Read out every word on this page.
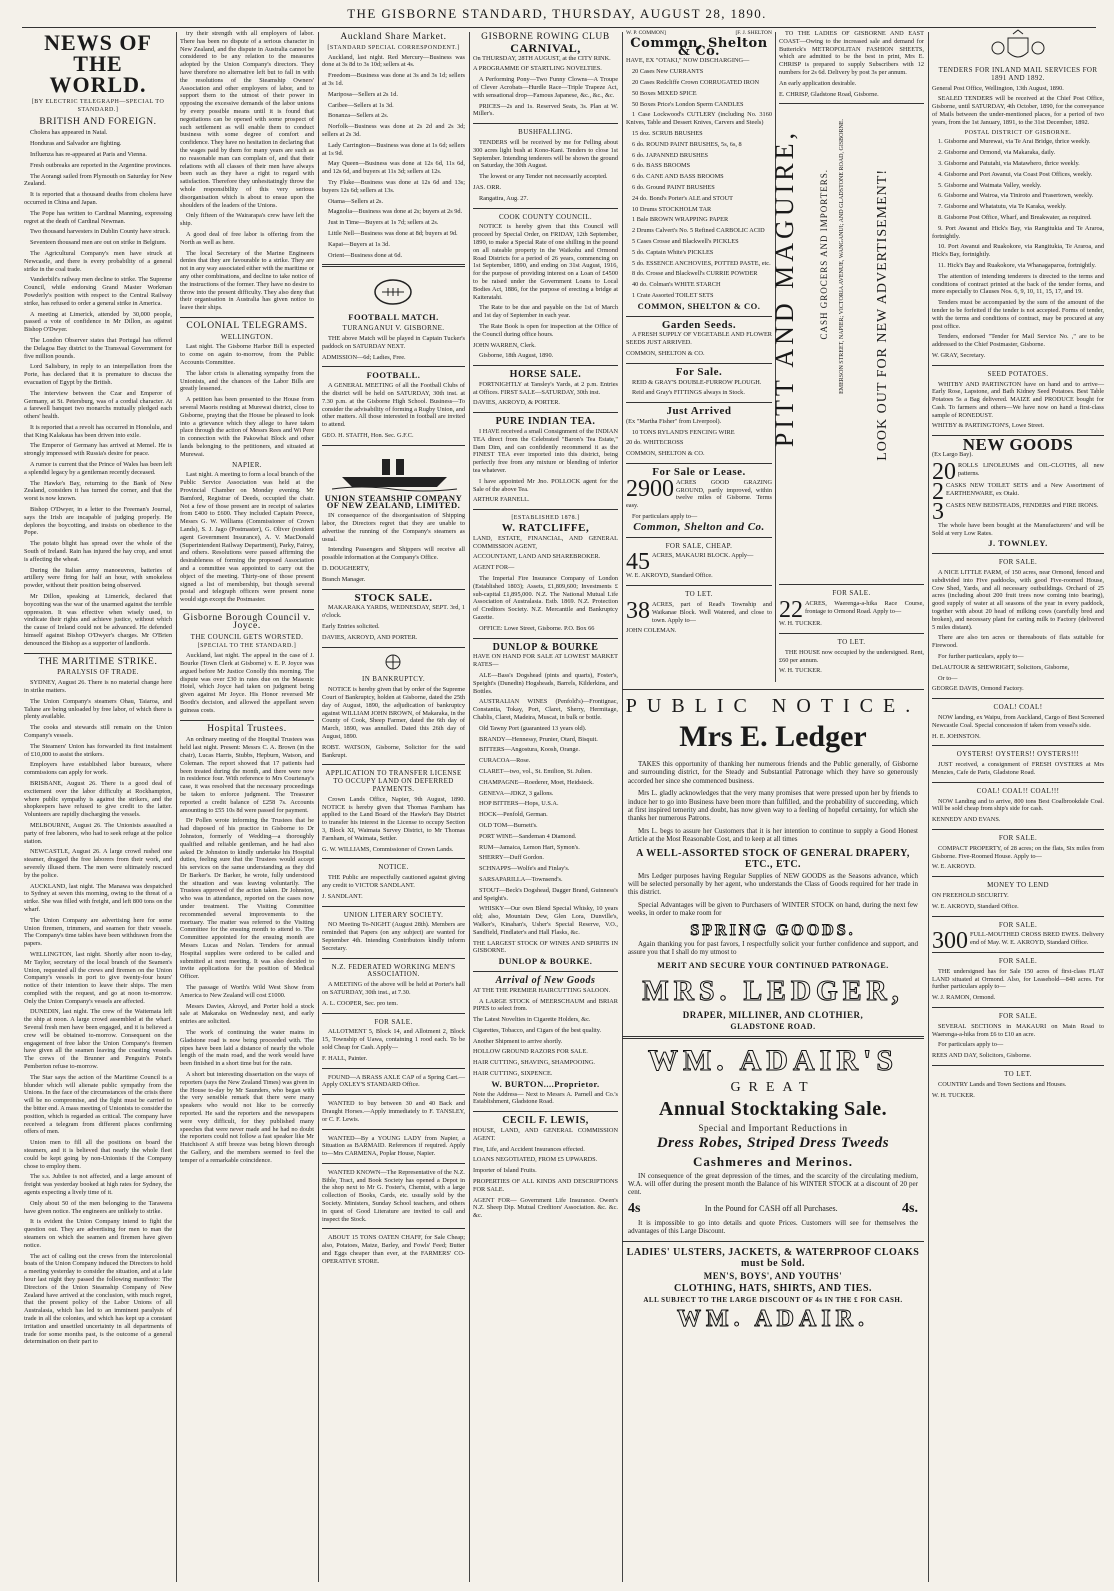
THE GISBORNE STANDARD, THURSDAY, AUGUST 28, 1890.
NEWS OF THE WORLD.
[BY ELECTRIC TELEGRAPH—SPECIAL TO STANDARD.]
BRITISH AND FOREIGN.

Cholera has appeared in Natal.

Honduras and Salvador are fighting.

Influenza has re-appeared at Paris and Vienna.

Fresh outbreaks are reported in the Argentine provinces.

The Aorangi sailed from Plymouth on Saturday for New Zealand.

It is reported that a thousand deaths from cholera have occurred in China and Japan.

The Pope has written to Cardinal Manning, expressing regret at the death of Cardinal Newman.

Two thousand harvesters in Dublin County have struck.

Seventeen thousand men are out on strike in Belgium.

The Agricultural Company's men have struck at Newcastle, and there is every probability of a general strike in the coal trade.

Vanderbilt's railway men decline to strike. The Supreme Council, while endorsing Grand Master Workman Powderly's position with respect to the Central Railway strike, has refused to order a general strike in America.

A meeting at Limerick, attended by 30,000 people, passed a vote of confidence in Mr Dillon, as against Bishop O'Dwyer.

The London Observer states that Portugal has offered the Delagoa Bay district to the Transvaal Government for five million pounds.

Lord Salisbury, in reply to an interpellation from the Porte, has declared that it is premature to discuss the evacuation of Egypt by the British.

The interview between the Czar and Emperor of Germany, at St. Petersburg, was of a cordial character. At a farewell banquet two monarchs mutually pledged each others' health.

It is reported that a revolt has occurred in Honolulu, and that King Kalakaua has been driven into exile.

The Emperor of Germany has arrived at Memel. He is strongly impressed with Russia's desire for peace.

A rumor is current that the Prince of Wales has been left a splendid legacy by a gentleman recently deceased.

The Hawke's Bay, returning to the Bank of New Zealand, considers it has turned the corner, and that the worst is now known.

Bishop O'Dwyer, in a letter to the Freeman's Journal, says the Irish are incapable of judging properly. He deplores the boycotting, and insists on obedience to the Pope.

The potato blight has spread over the whole of the South of Ireland. Rain has injured the hay crop, and smut is affecting the wheat.

During the Italian army manoeuvres, batteries of artillery were firing for half an hour, with smokeless powder, without their position being observed.

Mr Dillon, speaking at Limerick, declared that boycotting was the war of the unarmed against the terrible oppression. It was effective when wisely used, to vindicate their rights and achieve justice, without which the cause of Ireland could not be advanced. He defended himself against Bishop O'Dwyer's charges. Mr O'Brien denounced the Bishop as a supporter of landlords.

THE MARITIME STRIKE.
PARALYSIS OF TRADE.

SYDNEY, August 26. There is no material change here in strike matters.

The Union Company's steamers Ohau, Taiaroa, and Talune are being unloaded by free labor, of which there is plenty available.

The cooks and stewards still remain on the Union Company's vessels.

The Steamers' Union has forwarded its first instalment of £10,000 to assist the strikers.

Employers have established labor bureaux, where commissions can apply for work.

BRISBANE, August 26. There is a good deal of excitement over the labor difficulty at Rockhampton, where public sympathy is against the strikers, and the shopkeepers have refused to give credit to the latter. Volunteers are rapidly discharging the vessels.

MELBOURNE, August 26. The Unionists assaulted a party of free laborers, who had to seek refuge at the police station.

NEWCASTLE, August 26. A large crowd rushed one steamer, dragged the free laborers from their work, and severely illused them. The men were ultimately rescued by the police.

AUCKLAND, last night. The Manawa was despatched to Sydney at seven this morning, owing to the threat of a strike. She was filled with freight, and left 800 tons on the wharf.

The Union Company are advertising here for some Union firemen, trimmers, and seamen for their vessels. The Company's time tables have been withdrawn from the papers.

WELLINGTON, last night. Shortly after noon to-day, Mr Taylor, secretary of the local branch of the Seamen's Union, requested all the crews and firemen on the Union Company's vessels in port to give twenty-four hours' notice of their intention to leave their ships. The men complied with the request, and go at noon to-morrow. Only the Union Company's vessels are affected.

DUNEDIN, last night. The crew of the Waitemata left the ship at noon. A large crowd assembled at the wharf. Several fresh men have been engaged, and it is believed a crew will be obtained to-morrow. Consequent on the engagement of free labor the Union Company's firemen have given all the seamen leaving the coasting vessels. The crews of the Brunner and Penguin's Point's Pemberton refuse to-morrow.

The Star says the action of the Maritime Council is a blunder which will alienate public sympathy from the Unions. In the face of the circumstances of the crisis there will be no compromise, and the fight must be carried to the bitter end. A mass meeting of Unionists to consider the position, which is regarded as critical. The company have received a telegram from different places confirming offers of men.

Union men to fill all the positions on board the steamers, and it is believed that nearly the whole fleet could be kept going by non-Unionists if the Company chose to employ them.

The s.s. Jubilee is not affected, and a large amount of freight was yesterday booked at high rates for Sydney, the agents expecting a lively time of it.

Only about 50 of the men belonging to the Tarawera have given notice. The engineers are unlikely to strike.

It is evident the Union Company intend to fight the question out. They are advertising for men to man the steamers on which the seamen and firemen have given notice.

The act of calling out the crews from the intercolonial boats of the Union Company induced the Directors to hold a meeting yesterday to consider the situation, and at a late hour last night they passed the following manifesto: The Directors of the Union Steamship Company of New Zealand have arrived at the conclusion, with much regret, that the present policy of the Labor Unions of all Australasia, which has led to an imminent paralysis of trade in all the colonies, and which has kept up a constant irritation and unsettled uncertainty in all departments of trade for some months past, is the outcome of a general determination on their part to

try their strength with all employers of labor. There has been no dispute of a serious character in New Zealand, and the dispute in Australia cannot be considered to be any relation to the measures adopted by the Union Company's directors. They have therefore no alternative left but to fall in with the resolutions of the Steamship Owners' Association and other employers of labor, and to support them to the utmost of their power in opposing the excessive demands of the labor unions by every possible means until it is found that negotiations can be opened with some prospect of such settlement as will enable them to conduct business with some degree of comfort and confidence. They have no hesitation in declaring that the wages paid by them for many years are such as no reasonable man can complain of, and that their relations with all classes of their men have always been such as they have a right to regard with satisfaction. Therefore they unhesitatingly throw the whole responsibility of this very serious disorganisation which is about to ensue upon the shoulders of the leaders of the Unions.

Only fifteen of the Wairarapa's crew have left the ship.

A good deal of free labor is offering from the North as well as here.

The local Secretary of the Marine Engineers denies that they are favourable to a strike. They are not in any way associated either with the maritime or any other combinations, and decline to take notice of the instructions of the former. They have no desire to throw into the present difficulty. They also deny that their organisation in Australia has given notice to leave their ships.

COLONIAL TELEGRAMS.
WELLINGTON.

Last night. The Gisborne Harbor Bill is expected to come on again to-morrow, from the Public Accounts Committee.

The labor crisis is alienating sympathy from the Unionists, and the chances of the Labor Bills are greatly lessened.

A petition has been presented to the House from several Maoris residing at Murewai district, close to Gisborne, praying that the House be pleased to look into a grievance which they allege to have taken place through the action of Messrs Rees and Wi Pere in connection with the Pakowhai Block and other lands belonging to the petitioners, and situated at Murewai.

NAPIER.

Last night. A meeting to form a local branch of the Public Service Association was held at the Provincial Chamber on Monday evening. Mr Bamford, Registrar of Deeds, occupied the chair. Not a few of those present are in receipt of salaries from £400 to £600. They included Captain Preece, Messrs G. W. Williams (Commissioner of Crown Lands), S. J. Jago (Postmaster), G. Oliver (resident agent Government Insurance), A. V. MacDonald (Superintendent Railway Department), Parky, Fairey, and others. Resolutions were passed affirming the desirableness of forming the proposed Association and a committee was appointed to carry out the object of the meeting. Thirty-one of those present signed a list of membership, but though several postal and telegraph officers were present none would sign except the Postmaster.

Gisborne Borough Council v. Joyce.
THE COUNCIL GETS WORSTED.
[SPECIAL TO THE STANDARD.]

Auckland, last night. The appeal in the case of J. Bourke (Town Clerk at Gisborne) v. E. P. Joyce was argued before Mr Justice Conolly this morning. The dispute was over £30 in rates due on the Masonic Hotel, which Joyce had taken on judgment being given against Mr Joyce. His Honor reversed Mr Booth's decision, and allowed the appellant seven guineas costs.

Hospital Trustees.

An ordinary meeting of the Hospital Trustees was held last night. Present: Messrs C. A. Brown (in the chair), Lucas Harris, Stubbs, Hepburn, Watson, and Coleman. The report showed that 17 patients had been treated during the month, and there were now in residence four. With reference to Mrs Courtenay's case, it was resolved that the necessary proceedings be taken to enforce judgment. The Treasurer reported a credit balance of £258 7s. Accounts amounting to £55 10s 8d were passed for payment.

Dr Pollen wrote informing the Trustees that he had disposed of his practice in Gisborne to Dr Johnston, formerly of Wedding—a thoroughly qualified and reliable gentleman, and he had also asked Dr Johnston to kindly undertake his Hospital duties, feeling sure that the Trustees would accept his services on the same understanding as they did Dr Barker's. Dr Barker, he wrote, fully understood the situation and was leaving voluntarily. The Trustees approved of the action taken. Dr Johnston, who was in attendance, reported on the cases now under treatment. The Visiting Committee recommended several improvements to the mortuary. The matter was referred to the Visiting Committee for the ensuing month to attend to. The Committee appointed for the ensuing month are Messrs Lucas and Nolan. Tenders for annual Hospital supplies were ordered to be called and submitted at next meeting. It was also decided to invite applications for the position of Medical Officer.

The passage of Worth's Wild West Show from America to New Zealand will cost £1000.

Messrs Davies, Akroyd, and Porter hold a stock sale at Makaraka on Wednesday next, and early entries are solicited.

The work of continuing the water mains in Gladstone road is now being proceeded with. The pipes have been laid a distance of nearly the whole length of the main road, and the work would have been finished in a short time but for the rain.

A short but interesting dissertation on the ways of reporters (says the New Zealand Times) was given in the House to-day by Mr Saunders, who began with the very sensible remark that there were many speakers who would not like to be correctly reported. He said the reporters and the newspapers were very difficult, for they published many speeches that were never made and he had no doubt the reporters could not follow a fast speaker like Mr Hutchison! A stiff breeze was being blown through the Gallery, and the members seemed to feel the temper of a remarkable coincidence.

Auckland Share Market.
[STANDARD SPECIAL CORRESPONDENT.]

Auckland, last night. Red Mercury—Business was done at 3s 8d to 3s 10d; sellers at 4s.

Freedom—Business was done at 3s and 3s 1d; sellers at 3s 1d.

Mariposa—Sellers at 2s 1d.

Caribee—Sellers at 1s 3d.

Bonanza—Sellers at 2s.

Norfolk—Business was done at 2s 2d and 2s 3d; sellers at 2s 3d.

Lady Carrington—Business was done at 1s 6d; sellers at 1s 9d.

May Queen—Business was done at 12s 6d, 11s 6d, and 12s 6d, and buyers at 11s 3d; sellers at 12s.

Try Fluke—Business was done at 12s 6d and 13s; buyers 12s 6d; sellers at 13s.

Otama—Sellers at 2s.

Magnolia—Business was done at 2s; buyers at 2s 9d.

Just in Time—Buyers at 1s 7d; sellers at 2s.

Little Nell—Business was done at 8d; buyers at 9d.

Kapai—Buyers at 1s 3d.

Orient—Business done at 6d.

FOOTBALL MATCH.
TURANGANUI V. GISBORNE.

THE above Match will be played in Captain Tucker's paddock on SATURDAY NEXT.

ADMISSION—6d; Ladies, Free.

FOOTBALL.

A GENERAL MEETING of all the Football Clubs of the district will be held on SATURDAY, 30th inst. at 7.30 p.m. at the Gisborne High School. Business—To consider the advisability of forming a Rugby Union, and other matters. All those interested in football are invited to attend.

GEO. H. STAITH, Hon. Sec. G.F.C.

UNION STEAMSHIP COMPANY OF NEW ZEALAND, LIMITED.

IN consequence of the disorganisation of Shipping labor, the Directors regret that they are unable to advertise the running of the Company's steamers as usual.

Intending Passengers and Shippers will receive all possible information at the Company's Office.

D. DOUGHERTY,

Branch Manager.

STOCK SALE.

MAKARAKA YARDS, WEDNESDAY, SEPT. 3rd, 1 o'clock.

Early Entries solicited.

DAVIES, AKROYD, AND PORTER.

IN BANKRUPTCY.

NOTICE is hereby given that by order of the Supreme Court of Bankruptcy, holden at Gisborne, dated the 25th day of August, 1890, the adjudication of bankruptcy against WILLIAM JOHN BROWN, of Makaraka, in the County of Cook, Sheep Farmer, dated the 6th day of March, 1890, was annulled. Dated this 26th day of August, 1890.

ROBT. WATSON, Gisborne, Solicitor for the said Bankrupt.

APPLICATION TO TRANSFER LICENSE TO OCCUPY LAND ON DEFERRED PAYMENTS.

Crown Lands Office, Napier, 9th August, 1890. NOTICE is hereby given that Thomas Farnham has applied to the Land Board of the Hawke's Bay District to transfer his interest in the License to occupy Section 3, Block XI, Waimata Survey District, to Mr Thomas Farnham, of Waimata, Settler.

G. W. WILLIAMS, Commissioner of Crown Lands.

NOTICE.

THE Public are respectfully cautioned against giving any credit to VICTOR SANDLANT.

J. SANDLANT.

UNION LITERARY SOCIETY.

NO Meeting To-NIGHT (August 28th). Members are reminded that Papers (on any subject) are wanted for September 4th. Intending Contributors kindly inform Secretary.

N.Z. FEDERATED WORKING MEN'S ASSOCIATION.

A MEETING of the above will be held at Porter's hall on SATURDAY, 30th inst., at 7.30.

A. L. COOPER, Sec. pro tem.

FOR SALE.

ALLOTMENT 5, Block 14, and Allotment 2, Block 15, Township of Uawa, containing 1 rood each. To be sold Cheap for Cash. Apply—

F. HALL, Painter.

FOUND—A BRASS AXLE CAP of a Spring Cart.—Apply OXLEY'S STANDARD Office.

WANTED to buy between 30 and 40 Back and Draught Horses.—Apply immediately to F. TANSLEY, or C. F. Lewis.

WANTED—By a YOUNG LADY from Napier, a Situation as BARMAID. References if required. Apply to—Mrs CARMENA, Poplar House, Napier.

WANTED KNOWN—The Representative of the N.Z. Bible, Tract, and Book Society has opened a Depot in the shop next to Mr G. Foster's, Chemist, with a large collection of Books, Cards, etc. usually sold by the Society. Ministers, Sunday School teachers, and others in quest of Good Literature are invited to call and inspect the Stock.

ABOUT 15 TONS OATEN CHAFF, for Sale Cheap; also, Potatoes, Maize, Barley, and Fowls' Feed; Butter and Eggs cheaper than ever, at the FARMERS' CO-OPERATIVE STORE.

GISBORNE ROWING CLUB
CARNIVAL,

On THURSDAY, 28TH AUGUST, at the CITY RINK.

A PROGRAMME OF STARTLING NOVELTIES.

A Performing Pony—Two Funny Clowns—A Troupe of Clever Acrobats—Hurdle Race—Triple Trapeze Act, with sensational drop—Famous Japanese, &c., &c., &c.

PRICES—2s and 1s. Reserved Seats, 3s. Plan at W. Miller's.

BUSHFALLING.

TENDERS will be received by me for Felling about 300 acres light bush at Kono-Kani. Tenders to close 1st September. Intending tenderers will be shown the ground on Saturday, the 30th August.

The lowest or any Tender not necessarily accepted.

JAS. ORR.

Rangatira, Aug. 27.

COOK COUNTY COUNCIL.

NOTICE is hereby given that this Council will proceed by Special Order, on FRIDAY, 12th September, 1890, to make a Special Rate of one shilling in the pound on all rateable property in the Waikohu and Ormond Road Districts for a period of 26 years, commencing on 1st September, 1890, and ending on 31st August, 1916, for the purpose of providing interest on a Loan of £4500 to be raised under the Government Loans to Local Bodies Act, 1886, for the purpose of erecting a bridge at Kaiteratahi.

The Rate to be due and payable on the 1st of March and 1st day of September in each year.

The Rate Book is open for inspection at the Office of the Council during office hours.

JOHN WARREN, Clerk.

Gisborne, 18th August, 1890.

HORSE SALE.

FORTNIGHTLY at Tansley's Yards, at 2 p.m. Entries at Offices. FIRST SALE—SATURDAY, 30th inst.

DAVIES, AKROYD, & PORTER.

PURE INDIAN TEA.

I HAVE received a small Consignment of the INDIAN TEA direct from the Celebrated "Baron's Tea Estate," Dam Dim, and can confidently recommend it as the FINEST TEA ever imported into this district, being perfectly free from any mixture or blending of inferior tea whatever.

I have appointed Mr Jno. POLLOCK agent for the Sale of the above Tea.

ARTHUR FARNELL.

[ESTABLISHED 1878.]
W. RATCLIFFE,

LAND, ESTATE, FINANCIAL, AND GENERAL COMMISSION AGENT,

ACCOUNTANT, LAND AND SHAREBROKER.

AGENT FOR—

The Imperial Fire Insurance Company of London (Established 1803); Assets, £1,809,600; Investments £ sub-capital £1,895,000. N.Z. The National Mutual Life Association of Australasia. Estb. 1869. N.Z. Protection of Creditors Society. N.Z. Mercantile and Bankruptcy Gazette.

OFFICE: Lowe Street, Gisborne. P.O. Box 66

DUNLOP & BOURKE

HAVE ON HAND FOR SALE AT LOWEST MARKET RATES—

ALE—Bass's Dogshead (pints and quarts), Foster's, Speight's (Dunedin) Hogsheads, Barrels, Kilderkins, and Bottles.

AUSTRALIAN WINES (Penfold's)—Frontignac, Constantia, Tokay, Port, Claret, Sherry, Hermitage, Chablis, Claret, Madeira, Muscat, in bulk or bottle.

Old Tawny Port (guaranteed 13 years old).

BRANDY—Hennessy, Prunier, Otard, Bisquit.

BITTERS—Angostura, Koosh, Orange.

CURACOA—Rose.

CLARET—two, vol., St. Emilion, St. Julien.

CHAMPAGNE—Roederer, Moet, Heidsieck.

GENEVA—JDKZ, 3 gallons.

HOP BITTERS—Hops, U.S.A.

HOCK—Penfold, German.

OLD TOM—Burnett's.

PORT WINE—Sandeman 4 Diamond.

RUM—Jamaica, Lemon Hart, Symon's.

SHERRY—Duff Gordon.

SCHNAPPS—Wolfe's and Finlay's.

SARSAPARILLA—Townsend's.

STOUT—Beck's Dogshead, Dagger Brand, Guinness's and Speight's.

WHISKY—Our own Blend Special Whisky, 10 years old; also, Mountain Dew, Glen Lora, Dunville's, Walker's, Kinahan's, Usher's Special Reserve, V.O., Sandfield, Findlater's and Hall Flasks, &c.

THE LARGEST STOCK OF WINES AND SPIRITS IN GISBORNE.

DUNLOP & BOURKE.
Arrival of New Goods

AT THE THE PREMIER HAIRCUTTING SALOON.

A LARGE STOCK of MEERSCHAUM and BRIAR PIPES to select from.

The Latest Novelties in Cigarette Holders, &c.

Cigarettes, Tobacco, and Cigars of the best quality.

Another Shipment to arrive shortly.

HOLLOW GROUND RAZORS FOR SALE.

HAIR CUTTING, SHAVING, SHAMPOOING.

HAIR CUTTING, SIXPENCE.

W. BURTON....Proprietor.

Note the Address— Next to Messrs A. Parnell and Co.'s Establishment, Gladstone Road.

CECIL F. LEWIS,

HOUSE, LAND, AND GENERAL COMMISSION AGENT.

Fire, Life, and Accident Insurances effected.

LOANS NEGOTIATED, FROM £5 UPWARDS.

Importer of Island Fruits.

PROPERTIES OF ALL KINDS AND DESCRIPTIONS FOR SALE.

AGENT FOR— Government Life Insurance. Owen's N.Z. Sheep Dip. Mutual Creditors' Association. &c. &c. &c.

W. P. COMMON]	[F. J. SHELTON
Common, Shelton & Co.

HAVE, EX "OTAKI," NOW DISCHARGING—

20 Cases New CURRANTS

20 Cases Redcliffe Crown CORRUGATED IRON

50 Boxes MIXED SPICE

50 Boxes Price's London Sperm CANDLES

1 Case Lockwood's CUTLERY (including No. 3160 Knives, Table and Dessert Knives, Carvers and Steels)

15 doz. SCRUB BRUSHES

6 do. ROUND PAINT BRUSHES, 5s, 6s, 8

6 do. JAPANNED BRUSHES

6 do. BASS BROOMS

6 do. CANE AND BASS BROOMS

6 do. Ground PAINT BRUSHES

24 do. Bond's Porter's ALE and STOUT

10 Drums STOCKHOLM TAR

1 Bale BROWN WRAPPING PAPER

2 Drums Calvert's No. 5 Refined CARBOLIC ACID

5 Cases Crosse and Blackwell's PICKLES

5 do. Captain White's PICKLES

5 do. ESSENCE ANCHOVIES, POTTED PASTE, etc.

8 do. Crosse and Blackwell's CURRIE POWDER

40 do. Colman's WHITE STARCH

1 Crate Assorted TOILET SETS

COMMON, SHELTON & CO.
Garden Seeds.

A FRESH SUPPLY OF VEGETABLE AND FLOWER SEEDS JUST ARRIVED.

COMMON, SHELTON & CO.

For Sale.

REID & GRAY'S DOUBLE-FURROW PLOUGH.

Reid and Gray's FITTINGS always in Stock.

Just Arrived

(Ex "Martha Fisher" from Liverpool).

10 TONS RYLAND'S FENCING WIRE

20 do. WHITECROSS

COMMON, SHELTON & CO.

For Sale or Lease.
2900 ACRES GOOD GRAZING GROUND, partly improved, within twelve miles of Gisborne. Terms easy.

For particulars apply to—

Common, Shelton and Co.
FOR SALE, CHEAP.
45 ACRES, MAKAURI BLOCK. Apply—

W. E. AKROYD, Standard Office.

TO LET.
38 ACRES, part of Read's Township and Waikanae Block. Well Watered, and close to town. Apply to—

JOHN COLEMAN.

TO THE LADIES OF GISBORNE AND EAST COAST—Owing to the increased sale and demand for Butterick's METROPOLITAN FASHION SHEETS, which are admitted to be the best in print, Mrs E. CHRISP is prepared to supply Subscribers with 12 numbers for 2s 6d. Delivery by post 3s per annum.

An early application desirable.

E. CHRISP, Gladstone Road, Gisborne.

PITT AND MAGUIRE, CASH GROCERS AND IMPORTERS. EMERSON STREET, NAPIER; VICTORIA AVENUE, WANGANUI; AND GLADSTONE ROAD, GISBORNE. LOOK OUT FOR NEW ADVERTISEMENT!
FOR SALE.
22 ACRES, Waerenga-a-hika Race Course, frontage to Ormond Road. Apply to—

W. H. TUCKER.

TO LET.

THE HOUSE now occupied by the undersigned. Rent, £60 per annum.

W. H. TUCKER.

PUBLIC NOTICE.
Mrs E. Ledger

TAKES this opportunity of thanking her numerous friends and the Public generally, of Gisborne and surrounding district, for the Steady and Substantial Patronage which they have so generously accorded her since she commenced business.

Mrs L. gladly acknowledges that the very many promises that were pressed upon her by friends to induce her to go into Business have been more than fulfilled, and the probability of succeeding, which at first inspired temerity and doubt, has now given way to a feeling of hopeful certainty, for which she thanks her numerous Patrons.

Mrs L. begs to assure her Customers that it is her intention to continue to supply a Good Honest Article at the Most Reasonable Cost, and to keep at all times

A WELL-ASSORTED STOCK OF GENERAL DRAPERY, ETC., ETC.

Mrs Ledger purposes having Regular Supplies of NEW GOODS as the Seasons advance, which will be selected personally by her agent, who understands the Class of Goods required for her trade in this district.

Special Advantages will be given to Purchasers of WINTER STOCK on hand, during the next few weeks, in order to make room for

SPRING GOODS.

Again thanking you for past favors, I respectfully solicit your further confidence and support, and assure you that I shall do my utmost to

MERIT AND SECURE YOUR CONTINUED PATRONAGE.
MRS. LEDGER,
DRAPER, MILLINER, AND CLOTHIER,
GLADSTONE ROAD.
WM. ADAIR'S
GREAT
Annual Stocktaking Sale.
Special and Important Reductions in
Dress Robes, Striped Dress Tweeds
Cashmeres and Merinos.

IN consequence of the great depression of the times, and the scarcity of the circulating medium, W.A. will offer during the present month the Balance of his WINTER STOCK at a discount of 20 per cent.

4s	In the Pound for CASH off all Purchases.	4s.

It is impossible to go into details and quote Prices. Customers will see for themselves the advantages of this Large Discount.

LADIES' ULSTERS, JACKETS, & WATERPROOF CLOAKS must be Sold.
MEN'S, BOYS', AND YOUTHS'
CLOTHING, HATS, SHIRTS, AND TIES.
ALL SUBJECT TO THE LARGE DISCOUNT OF 4s IN THE £ FOR CASH.
WM. ADAIR.
TENDERS FOR INLAND MAIL SERVICES FOR 1891 AND 1892.

General Post Office, Wellington, 13th August, 1890.

SEALED TENDERS will be received at the Chief Post Office, Gisborne, until SATURDAY, 4th October, 1890, for the conveyance of Mails between the under-mentioned places, for a period of two years, from the 1st January, 1891, to the 31st December, 1892.

POSTAL DISTRICT OF GISBORNE.

1. Gisborne and Murewai, via Te Arai Bridge, thrice weekly.

2. Gisborne and Ormond, via Makaraka, daily.

3. Gisborne and Patutahi, via Matawhero, thrice weekly.

4. Gisborne and Port Awanui, via Coast Post Offices, weekly.

5. Gisborne and Waimata Valley, weekly.

6. Gisborne and Wairoa, via Tiniroto and Frasertown, weekly.

7. Gisborne and Whatatutu, via Te Karaka, weekly.

8. Gisborne Post Office, Wharf, and Breakwater, as required.

9. Port Awanui and Hick's Bay, via Rangitukia and Te Araroa, fortnightly.

10. Port Awanui and Ruakokore, via Rangitukia, Te Araroa, and Hick's Bay, fortnightly.

11. Hick's Bay and Ruakokore, via Whanagaparoa, fortnightly.

The attention of intending tenderers is directed to the terms and conditions of contract printed at the back of the tender forms, and more especially to Clauses Nos. 6, 9, 10, 11, 15, 17, and 19.

Tenders must be accompanied by the sum of the amount of the tender to be forfeited if the tender is not accepted. Forms of tender, with the terms and conditions of contract, may be procured at any post office.

Tenders, endorsed "Tender for Mail Service No. ," are to be addressed to the Chief Postmaster, Gisborne.

W. GRAY, Secretary.

SEED POTATOES.

WHITBY AND PARTINGTON have on hand and to arrive— Early Rose, Lapstone, and Bath Kidney Seed Potatoes. Best Table Potatoes 5s a Bag delivered. MAIZE and PRODUCE bought for Cash. To farmers and others—We have now on hand a first-class sample of RONEDUST.

WHITBY & PARTINGTON'S, Lowe Street.

NEW GOODS

(Ex Largo Bay).

20 ROLLS LINOLEUMS and OIL-CLOTHS, all new patterns.

2 CASKS NEW TOILET SETS and a New Assortment of EARTHENWARE, ex Otaki.

3 CASES NEW BEDSTEADS, FENDERS and FIRE IRONS.

The whole have been bought at the Manufacturers' and will be Sold at very Low Rates.

J. TOWNLEY.
FOR SALE.

A NICE LITTLE FARM, of 150 acres, near Ormond, fenced and subdivided into Five paddocks, with good Five-roomed House, Cow Shed, Yards, and all necessary outbuildings. Orchard of 25 acres (including about 200 fruit trees now coming into bearing), good supply of water at all seasons of the year in every paddock, together with about 20 head of milking cows (carefully bred and broken), and necessary plant for carting milk to Factory (delivered 5 miles distant).

There are also ten acres or thereabouts of flats suitable for Firewood.

For further particulars, apply to—

DeLAUTOUR & SHEWRIGHT, Solicitors, Gisborne,

Or to—

GEORGE DAVIS, Ormond Factory.

COAL! COAL!

NOW landing, ex Waipu, from Auckland, Cargo of Best Screened Newcastle Coal. Special concession if taken from vessel's side.

H. E. JOHNSTON.

OYSTERS! OYSTERS!! OYSTERS!!!

JUST received, a consignment of FRESH OYSTERS at Mrs Menzies, Cafe de Paris, Gladstone Road.

COAL! COAL!! COAL!!!

NOW Landing and to arrive, 800 tons Best Coalbrookdale Coal. Will be sold cheap from ship's side for cash.

KENNEDY AND EVANS.

FOR SALE.

COMPACT PROPERTY, of 28 acres; on the flats, Six miles from Gisborne. Five-Roomed House. Apply to—

W. E. AKROYD.

MONEY TO LEND

ON FREEHOLD SECURITY.

W. E. AKROYD, Standard Office.

FOR SALE.
300 FULL-MOUTHED CROSS BRED EWES. Delivery end of May. W. E. AKROYD, Standard Office.

FOR SALE.

THE undersigned has for Sale 150 acres of first-class FLAT LAND situated at Ormond. Also, for Leasehold—840 acres. For further particulars apply to—

W. J. RAMON, Ormond.

FOR SALE.

SEVERAL SECTIONS in MAKAURI on Main Road to Waerenga-a-hika from £6 to £10 an acre.

For particulars apply to—

REES AND DAY, Solicitors, Gisborne.

TO LET.

COUNTRY Lands and Town Sections and Houses.

W. H. TUCKER.
